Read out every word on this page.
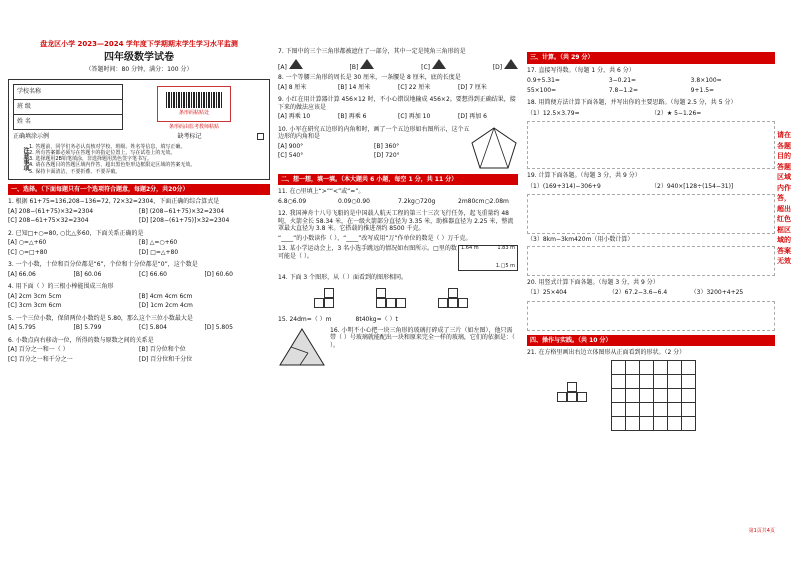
盘龙区小学 2023—2024 学年度下学期期末学生学习水平监测
四年级数学试卷
（答题时间：80 分钟，满分：100 分）
学校名称
班 级
姓 名
条形码粘贴处
条形码由监考教师粘贴
正确填涂示例	缺考标记
注意事项
1. 答题前，同学们务必认真核对学校、班级、姓名等信息，填写正确。
2. 所有答案都必须写在答题卡的指定位置上，写在试卷上的无效。
3. 选择题用2B铅笔填涂，非选择题用黑色签字笔书写。
4. 请在各题目的答题区域内作答，超出黑色矩形边框限定区域的答案无效。
5. 保持卡面清洁，不要折叠、不要弄破。
一、选择。（下面每题只有一个选项符合题意，每题2分，共20分）
1. 根据 61+75=136,208−136=72, 72×32=2304，下面正确的综合算式是
[A] 208−(61+75)×32=2304	[B] (208−61+75)×32=2304
[C] 208−61+75×32=2304	[D] [208−(61+75)]×32=2304
2. 已知□+○=80, ○比△多60，下面关系正确的是
[A] ○=△+60	[B] △=○+60
[C] ○=□+80	[D] □=△+80
3. 一个小数，十位和百分位都是“6”，个位和十分位都是“0”，这个数是
[A] 66.06	[B] 60.06	[C] 66.60	[D] 60.60
4. 用下面（ ）的三根小棒能围成三角形
[A] 2cm 3cm 5cm	[B] 4cm 4cm 6cm
[C] 3cm 3cm 6cm	[D] 1cm 2cm 4cm
5. 一个三位小数，保留两位小数约是 5.80，那么这个三位小数最大是
[A] 5.795	[B] 5.799	[C] 5.804	[D] 5.805
6. 小数点向右移动一位，所得的数与原数之间的关系是
[A] 百分之一和一（ ）	[B] 百分位和个位
[C] 百分之一和千分之一	[D] 百分位和千分位
7. 下图中的三个三角形都被遮住了一部分，其中一定是钝角三角形的是
[A]	[B]	[C]	[D]
8. 一个等腰三角形的周长是 30 厘米，一条腰是 8 厘米，底的长度是
[A] 8 厘米	[B] 14 厘米	[C] 22 厘米	[D] 7 厘米
9. 小红在用计算器计算 456×12 时，不小心错误地输成 456×2。要想得到正确结果，接下来的做法应该是
[A] 再乘 10	[B] 再乘 6	[C] 再加 10	[D] 再加 6
10. 小军在研究五边形的内角和时，画了一个五边形如右图所示，这个五边形的内角和是
[A] 900°	[B] 360°
[C] 540°	[D] 720°
二、想一想，填一填。（本大题共 6 小题，每空 1 分，共 11 分）
11. 在○里填上“>”“<”或“=”。
6.8○6.09	0.09○0.90	7.2kg○720g	2m80cm○2.08m
12. 我国神舟十八号飞船的是中国载人航天工程的第三十三次飞行任务，起飞重量约 48 吨，火箭全长 58.34 米，在一级火箭部分直径为 3.35 米，助推器直径为 2.25 米，整流罩最大直径为 3.8 米。它搭载的推进剂约 8500 千克。
“____”的小数读作（ ），“____”改写成用“万”作单位的数是（ ）万千克。
13. 某小学运动会上，3 名小选手跳远的情况如右图所示。□里的数可能是（ ）。
1.64 m	1.83 m
1.□5 m
14. 下面 3 个图形，从（ ）面看到的图形相同。

15. 24dm=（ ）m	8t40kg=（ ）t
16. 小明不小心把一块三角形的玻璃打碎成了三片（如左图），他只需带（ ）号玻璃就能配出一块和原来完全一样的玻璃，它们的依据是：（ ）。
三、计算。（共 29 分）
17. 直接写得数。（每题 1 分，共 6 分）
0.9+5.31=	3−0.21=	3.8×100=
55×100=	7.8−1.2=	9+1.5=
18. 用简便方法计算下面各题，并写出你的主要思路。（每题 2.5 分，共 5 分）
（1）12.5×3.79=	（2）★ 5−1.26=
19. 计算下面各题。（每题 3 分，共 9 分）
（1）(169+314)−306+9	（2）940×[128÷(154−31)]
（3）8km−3km420m（用小数计算）
20. 用竖式计算下面各题。（每题 3 分，共 9 分）
（1）25×404	（2）67.2−3.6−6.4	（3）3200+4+25
四、操作与实践。（共 10 分）
21. 在方格里画出右边立体图形从正面看到的形状。（2 分）
第1页共4页
请在各题目的答题区域内作答，超出红色框区域的答案无效
